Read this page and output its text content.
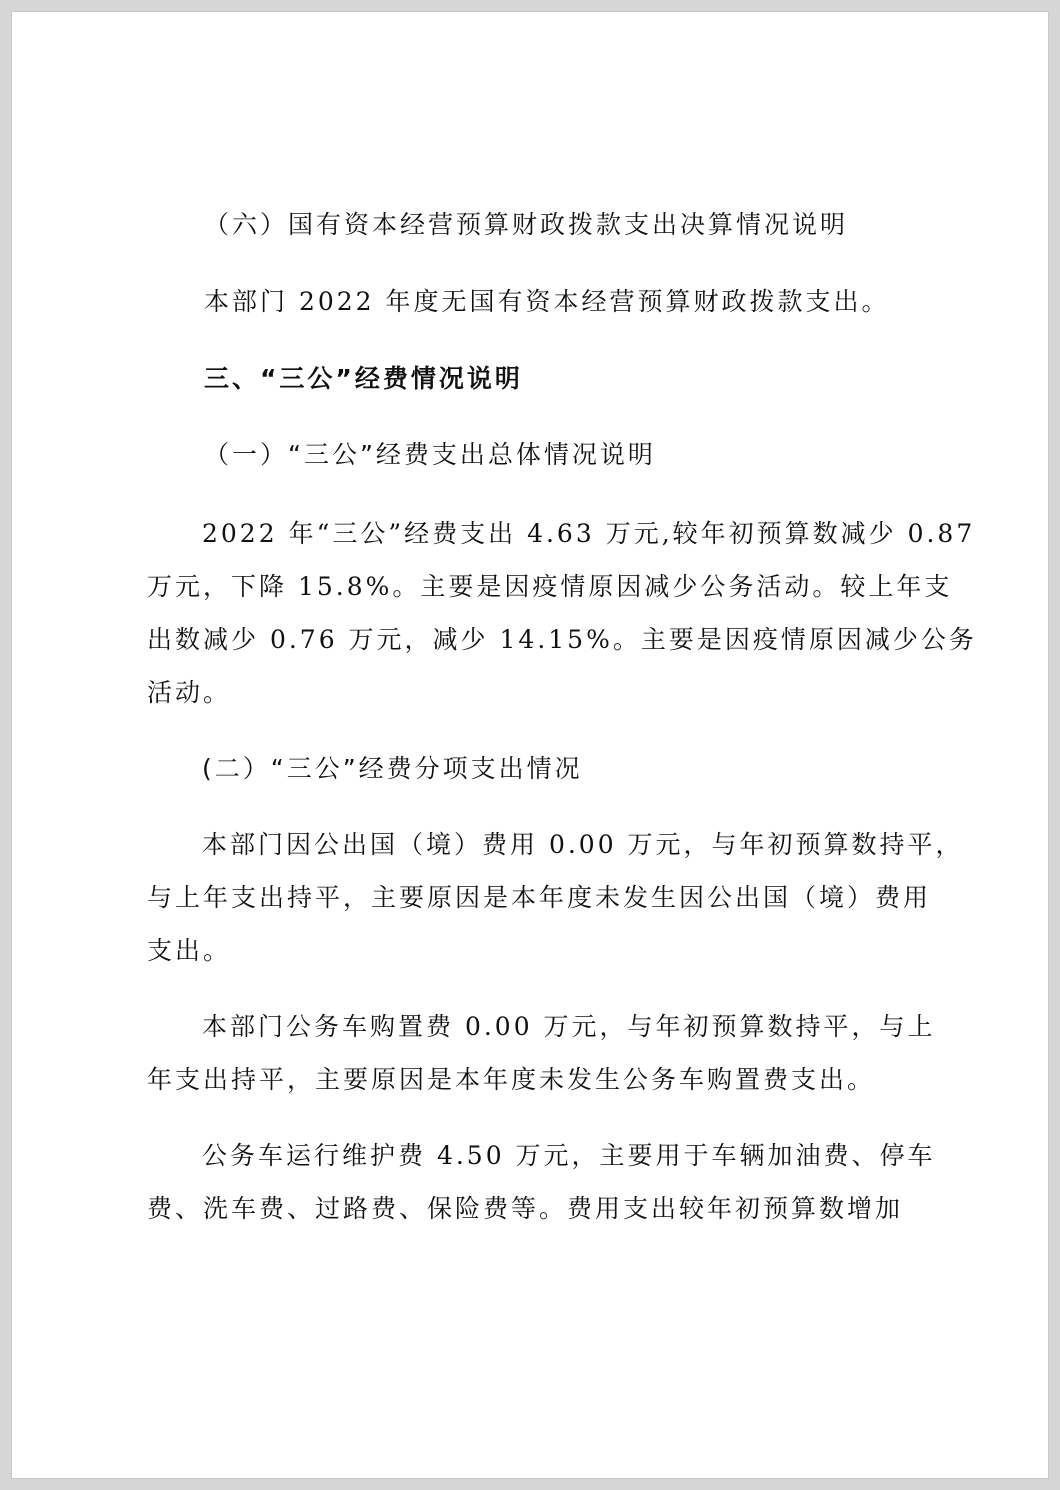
（六）国有资本经营预算财政拨款支出决算情况说明
本部门 2022 年度无国有资本经营预算财政拨款支出。
三、“三公”经费情况说明
（一）“三公”经费支出总体情况说明
2022 年“三公”经费支出 4.63 万元,较年初预算数减少 0.87
万元，下降 15.8%。主要是因疫情原因减少公务活动。较上年支
出数减少 0.76 万元，减少 14.15%。主要是因疫情原因减少公务
活动。
(二）“三公”经费分项支出情况
本部门因公出国（境）费用 0.00 万元，与年初预算数持平，
与上年支出持平，主要原因是本年度未发生因公出国（境）费用
支出。
本部门公务车购置费 0.00 万元，与年初预算数持平，与上
年支出持平，主要原因是本年度未发生公务车购置费支出。
公务车运行维护费 4.50 万元，主要用于车辆加油费、停车
费、洗车费、过路费、保险费等。费用支出较年初预算数增加
